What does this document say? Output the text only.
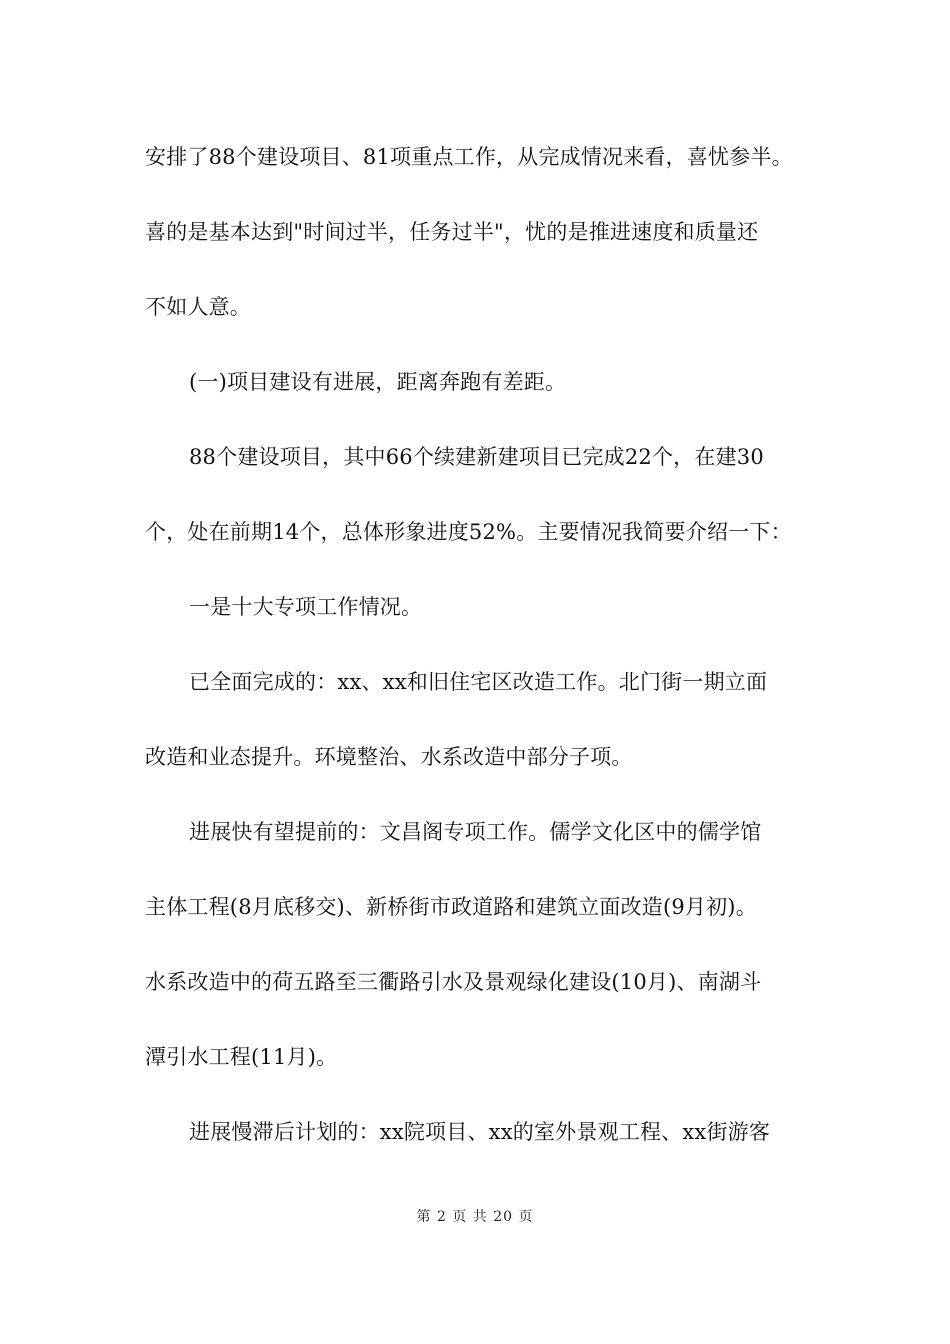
安排了88个建设项目、81项重点工作，从完成情况来看，喜忧参半。
喜的是基本达到"时间过半，任务过半"，忧的是推进速度和质量还
不如人意。
(一)项目建设有进展，距离奔跑有差距。
88个建设项目，其中66个续建新建项目已完成22个，在建30
个，处在前期14个，总体形象进度52%。主要情况我简要介绍一下：
一是十大专项工作情况。
已全面完成的：xx、xx和旧住宅区改造工作。北门街一期立面
改造和业态提升。环境整治、水系改造中部分子项。
进展快有望提前的：文昌阁专项工作。儒学文化区中的儒学馆
主体工程(8月底移交)、新桥街市政道路和建筑立面改造(9月初)。
水系改造中的荷五路至三衢路引水及景观绿化建设(10月)、南湖斗
潭引水工程(11月)。
进展慢滞后计划的：xx院项目、xx的室外景观工程、xx街游客
第 2 页 共 20 页
